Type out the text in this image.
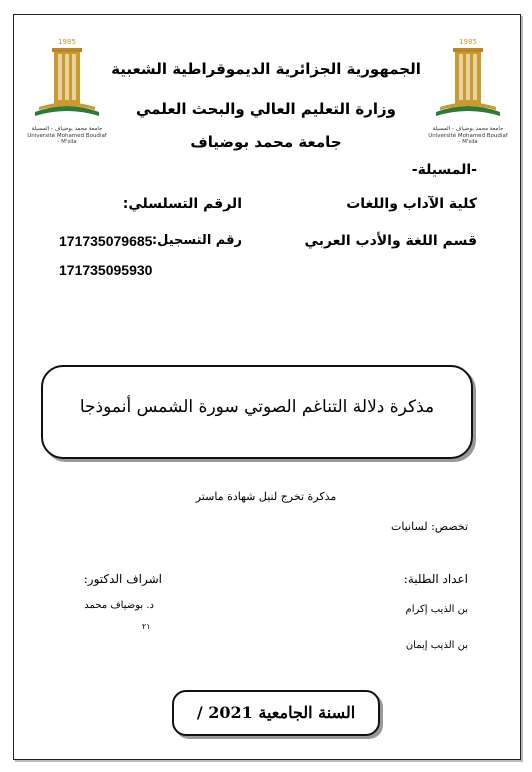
1985
جامعة محمد بوضياف - المسيلة
Université Mohamed Boudiaf - M'sila
1985
جامعة محمد بوضياف - المسيلة
Université Mohamed Boudiaf - M'sila
الجمهورية الجزائرية الديموقراطية الشعبية
وزارة التعليم العالي والبحث العلمي
جامعة محمد بوضياف
-المسيلة-
كلية الآداب واللغات
الرقم التسلسلي:
قسم اللغة والأدب العربي
رقم التسجيل:
171735079685
171735095930
مذكرة دلالة التناغم الصوتي سورة الشمس أنموذجا
مذكرة تخرج لنيل شهادة ماستر
تخصص: لسانيات
اعداد الطلبة:
بن الذيب إكرام
بن الذيب إيمان
اشراف الدكتور:
د. بوضياف محمد
٢١
السنة الجامعية 2021 /
